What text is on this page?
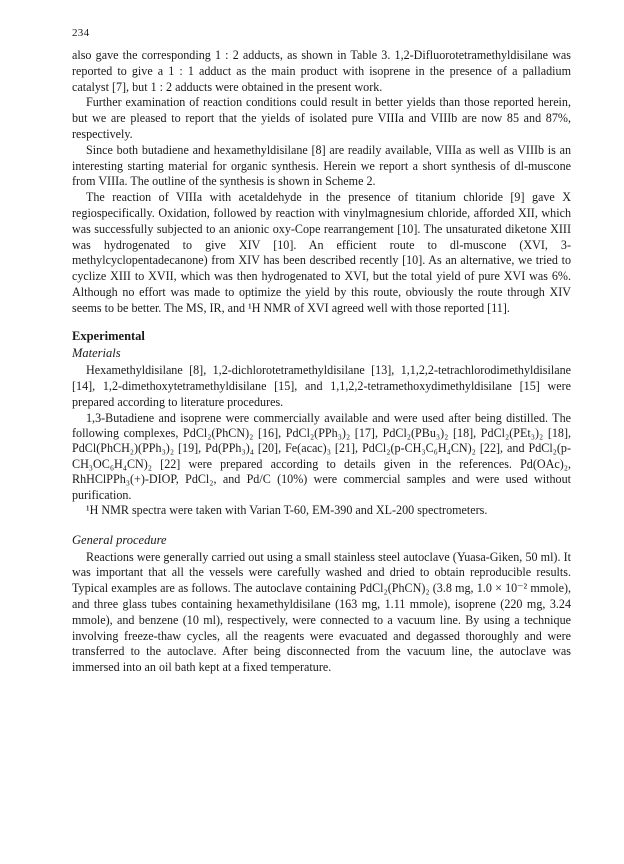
234

also gave the corresponding 1 : 2 adducts, as shown in Table 3. 1,2-Difluorotetramethyldisilane was reported to give a 1 : 1 adduct as the main product with isoprene in the presence of a palladium catalyst [7], but 1 : 2 adducts were obtained in the present work.

Further examination of reaction conditions could result in better yields than those reported herein, but we are pleased to report that the yields of isolated pure VIIIa and VIIIb are now 85 and 87%, respectively.

Since both butadiene and hexamethyldisilane [8] are readily available, VIIIa as well as VIIIb is an interesting starting material for organic synthesis. Herein we report a short synthesis of dl-muscone from VIIIa. The outline of the synthesis is shown in Scheme 2.

The reaction of VIIIa with acetaldehyde in the presence of titanium chloride [9] gave X regiospecifically. Oxidation, followed by reaction with vinylmagnesium chloride, afforded XII, which was successfully subjected to an anionic oxy-Cope rearrangement [10]. The unsaturated diketone XIII was hydrogenated to give XIV [10]. An efficient route to dl-muscone (XVI, 3-methylcyclopentadecanone) from XIV has been described recently [10]. As an alternative, we tried to cyclize XIII to XVII, which was then hydrogenated to XVI, but the total yield of pure XVI was 6%. Although no effort was made to optimize the yield by this route, obviously the route through XIV seems to be better. The MS, IR, and ¹H NMR of XVI agreed well with those reported [11].

Experimental
Materials

Hexamethyldisilane [8], 1,2-dichlorotetramethyldisilane [13], 1,1,2,2-tetrachlorodimethyldisilane [14], 1,2-dimethoxytetramethyldisilane [15], and 1,1,2,2-tetramethoxydimethyldisilane [15] were prepared according to literature procedures.

1,3-Butadiene and isoprene were commercially available and were used after being distilled. The following complexes, PdCl₂(PhCN)₂ [16], PdCl₂(PPh₃)₂ [17], PdCl₂(PBu₃)₂ [18], PdCl₂(PEt₃)₂ [18], PdCl(PhCH₂)(PPh₃)₂ [19], Pd(PPh₃)₄ [20], Fe(acac)₃ [21], PdCl₂(p-CH₃C₆H₄CN)₂ [22], and PdCl₂(p-CH₃OC₆H₄CN)₂ [22] were prepared according to details given in the references. Pd(OAc)₂, RhHClPPh₃(+)-DIOP, PdCl₂, and Pd/C (10%) were commercial samples and were used without purification.

¹H NMR spectra were taken with Varian T-60, EM-390 and XL-200 spectrometers.

General procedure

Reactions were generally carried out using a small stainless steel autoclave (Yuasa-Giken, 50 ml). It was important that all the vessels were carefully washed and dried to obtain reproducible results. Typical examples are as follows. The autoclave containing PdCl₂(PhCN)₂ (3.8 mg, 1.0 × 10⁻² mmole), and three glass tubes containing hexamethyldisilane (163 mg, 1.11 mmole), isoprene (220 mg, 3.24 mmole), and benzene (10 ml), respectively, were connected to a vacuum line. By using a technique involving freeze-thaw cycles, all the reagents were evacuated and degassed thoroughly and were transferred to the autoclave. After being disconnected from the vacuum line, the autoclave was immersed into an oil bath kept at a fixed temperature.
